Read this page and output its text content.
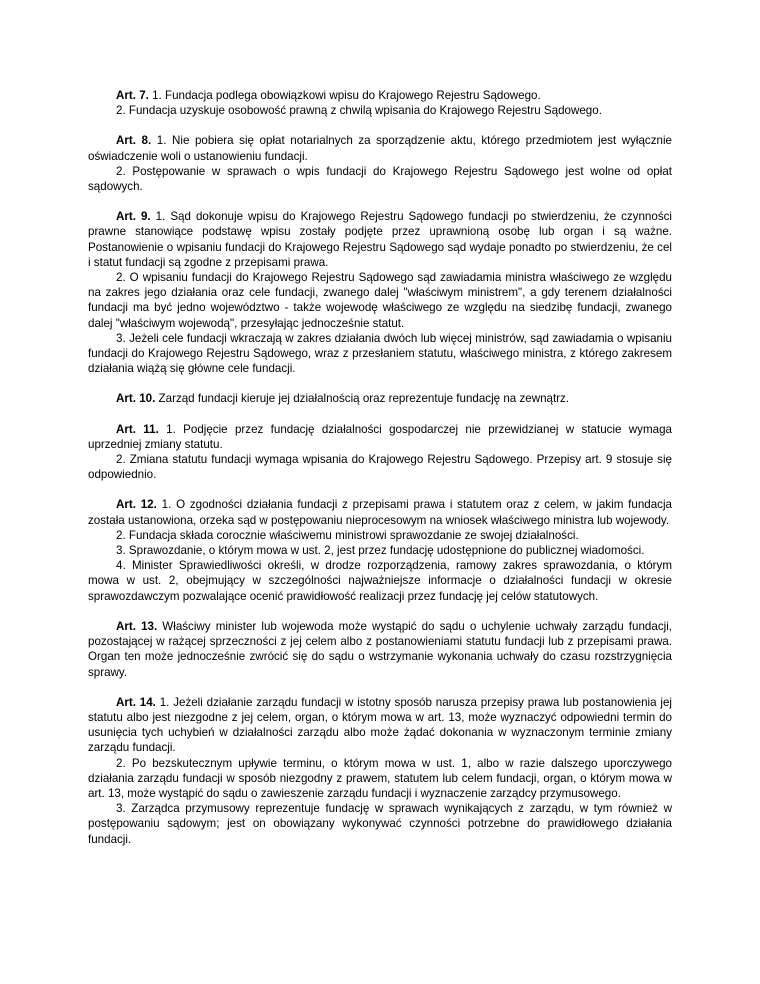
Art. 7. 1. Fundacja podlega obowiązkowi wpisu do Krajowego Rejestru Sądowego.

2. Fundacja uzyskuje osobowość prawną z chwilą wpisania do Krajowego Rejestru Sądowego.

Art. 8. 1. Nie pobiera się opłat notarialnych za sporządzenie aktu, którego przedmiotem jest wyłącznie oświadczenie woli o ustanowieniu fundacji.

2. Postępowanie w sprawach o wpis fundacji do Krajowego Rejestru Sądowego jest wolne od opłat sądowych.

Art. 9. 1. Sąd dokonuje wpisu do Krajowego Rejestru Sądowego fundacji po stwierdzeniu, że czynności prawne stanowiące podstawę wpisu zostały podjęte przez uprawnioną osobę lub organ i są ważne. Postanowienie o wpisaniu fundacji do Krajowego Rejestru Sądowego sąd wydaje ponadto po stwierdzeniu, że cel i statut fundacji są zgodne z przepisami prawa.

2. O wpisaniu fundacji do Krajowego Rejestru Sądowego sąd zawiadamia ministra właściwego ze względu na zakres jego działania oraz cele fundacji, zwanego dalej "właściwym ministrem", a gdy terenem działalności fundacji ma być jedno województwo - także wojewodę właściwego ze względu na siedzibę fundacji, zwanego dalej "właściwym wojewodą", przesyłając jednocześnie statut.

3. Jeżeli cele fundacji wkraczają w zakres działania dwóch lub więcej ministrów, sąd zawiadamia o wpisaniu fundacji do Krajowego Rejestru Sądowego, wraz z przesłaniem statutu, właściwego ministra, z którego zakresem działania wiążą się główne cele fundacji.

Art. 10. Zarząd fundacji kieruje jej działalnością oraz reprezentuje fundację na zewnątrz.

Art. 11. 1. Podjęcie przez fundację działalności gospodarczej nie przewidzianej w statucie wymaga uprzedniej zmiany statutu.

2. Zmiana statutu fundacji wymaga wpisania do Krajowego Rejestru Sądowego. Przepisy art. 9 stosuje się odpowiednio.

Art. 12. 1. O zgodności działania fundacji z przepisami prawa i statutem oraz z celem, w jakim fundacja została ustanowiona, orzeka sąd w postępowaniu nieprocesowym na wniosek właściwego ministra lub wojewody.

2. Fundacja składa corocznie właściwemu ministrowi sprawozdanie ze swojej działalności.

3. Sprawozdanie, o którym mowa w ust. 2, jest przez fundację udostępnione do publicznej wiadomości.

4. Minister Sprawiedliwości określi, w drodze rozporządzenia, ramowy zakres sprawozdania, o którym mowa w ust. 2, obejmujący w szczególności najważniejsze informacje o działalności fundacji w okresie sprawozdawczym pozwalające ocenić prawidłowość realizacji przez fundację jej celów statutowych.

Art. 13. Właściwy minister lub wojewoda może wystąpić do sądu o uchylenie uchwały zarządu fundacji, pozostającej w rażącej sprzeczności z jej celem albo z postanowieniami statutu fundacji lub z przepisami prawa. Organ ten może jednocześnie zwrócić się do sądu o wstrzymanie wykonania uchwały do czasu rozstrzygnięcia sprawy.

Art. 14. 1. Jeżeli działanie zarządu fundacji w istotny sposób narusza przepisy prawa lub postanowienia jej statutu albo jest niezgodne z jej celem, organ, o którym mowa w art. 13, może wyznaczyć odpowiedni termin do usunięcia tych uchybień w działalności zarządu albo może żądać dokonania w wyznaczonym terminie zmiany zarządu fundacji.

2. Po bezskutecznym upływie terminu, o którym mowa w ust. 1, albo w razie dalszego uporczywego działania zarządu fundacji w sposób niezgodny z prawem, statutem lub celem fundacji, organ, o którym mowa w art. 13, może wystąpić do sądu o zawieszenie zarządu fundacji i wyznaczenie zarządcy przymusowego.

3. Zarządca przymusowy reprezentuje fundację w sprawach wynikających z zarządu, w tym również w postępowaniu sądowym; jest on obowiązany wykonywać czynności potrzebne do prawidłowego działania fundacji.
